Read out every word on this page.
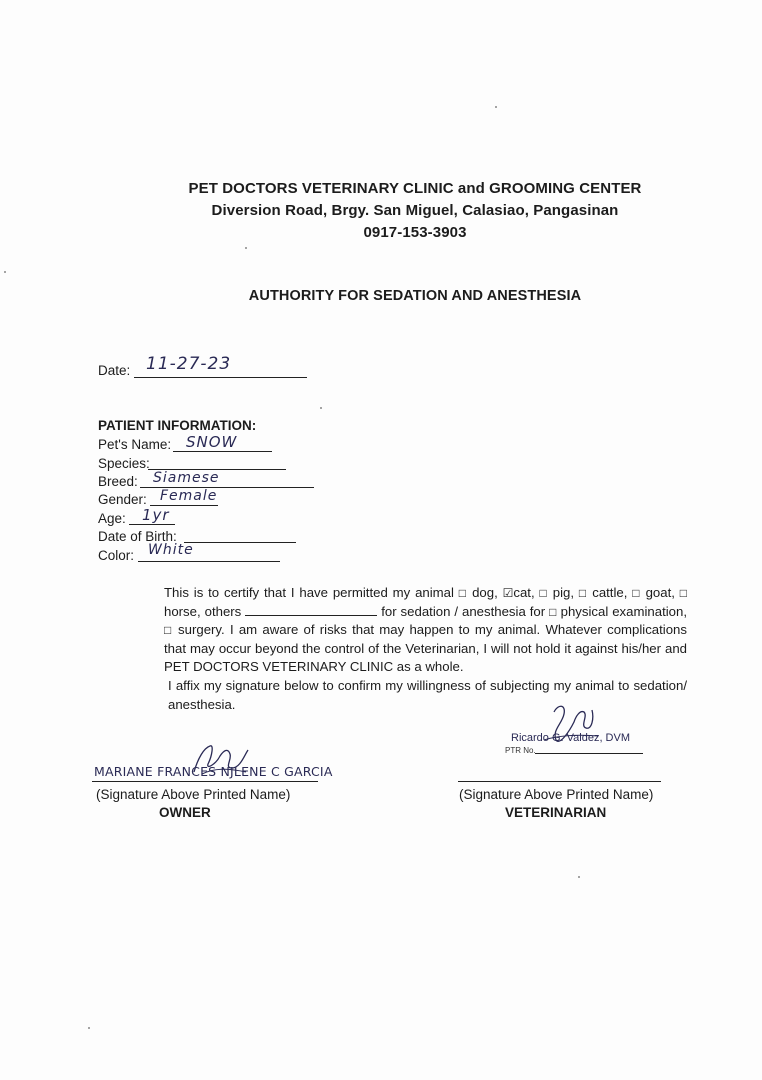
PET DOCTORS VETERINARY CLINIC and GROOMING CENTER
Diversion Road, Brgy. San Miguel, Calasiao, Pangasinan
0917-153-3903
AUTHORITY FOR SEDATION AND ANESTHESIA
Date: 11-27-23
PATIENT INFORMATION:
Pet's Name: SNOW
Species:
Breed: Siamese
Gender: Female
Age: 1yr
Date of Birth:
Color: White

This is to certify that I have permitted my animal □ dog, ☑cat, □ pig, □ cattle, □ goat, □ horse, others	for sedation / anesthesia for □ physical examination, □ surgery. I am aware of risks that may happen to my animal. Whatever complications that may occur beyond the control of the Veterinarian, I will not hold it against his/her and PET DOCTORS VETERINARY CLINIC as a whole.

I affix my signature below to confirm my willingness of subjecting my animal to sedation/ anesthesia.

Ricardo G. Valdez, DVM
PTR No.
MARIANE FRANCES NJLENE C GARCIA
(Signature Above Printed Name)
OWNER
(Signature Above Printed Name)
VETERINARIAN
